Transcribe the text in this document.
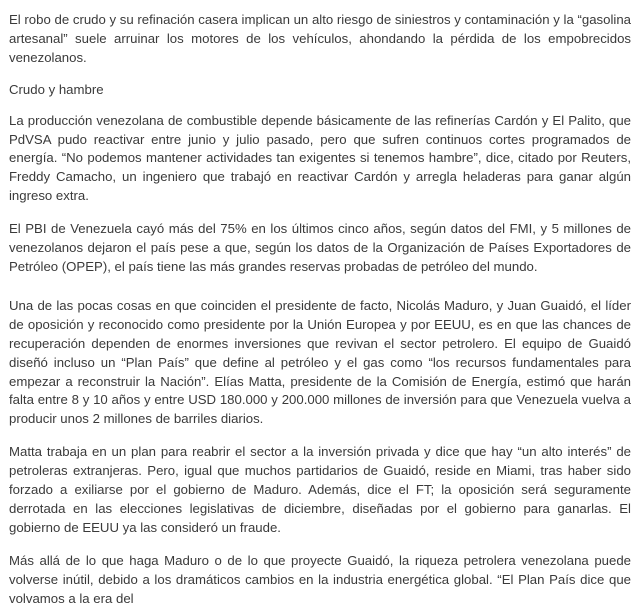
El robo de crudo y su refinación casera implican un alto riesgo de siniestros y contaminación y la “gasolina artesanal” suele arruinar los motores de los vehículos, ahondando la pérdida de los empobrecidos venezolanos.

Crudo y hambre

La producción venezolana de combustible depende básicamente de las refinerías Cardón y El Palito, que PdVSA pudo reactivar entre junio y julio pasado, pero que sufren continuos cortes programados de energía. “No podemos mantener actividades tan exigentes si tenemos hambre”, dice, citado por Reuters, Freddy Camacho, un ingeniero que trabajó en reactivar Cardón y arregla heladeras para ganar algún ingreso extra.

El PBI de Venezuela cayó más del 75% en los últimos cinco años, según datos del FMI, y 5 millones de venezolanos dejaron el país pese a que, según los datos de la Organización de Países Exportadores de Petróleo (OPEP), el país tiene las más grandes reservas probadas de petróleo del mundo.

Una de las pocas cosas en que coinciden el presidente de facto, Nicolás Maduro, y Juan Guaidó, el líder de oposición y reconocido como presidente por la Unión Europea y por EEUU, es en que las chances de recuperación dependen de enormes inversiones que revivan el sector petrolero. El equipo de Guaidó diseñó incluso un “Plan País” que define al petróleo y el gas como “los recursos fundamentales para empezar a reconstruir la Nación”. Elías Matta, presidente de la Comisión de Energía, estimó que harán falta entre 8 y 10 años y entre USD 180.000 y 200.000 millones de inversión para que Venezuela vuelva a producir unos 2 millones de barriles diarios.

Matta trabaja en un plan para reabrir el sector a la inversión privada y dice que hay “un alto interés” de petroleras extranjeras. Pero, igual que muchos partidarios de Guaidó, reside en Miami, tras haber sido forzado a exiliarse por el gobierno de Maduro. Además, dice el FT; la oposición será seguramente derrotada en las elecciones legislativas de diciembre, diseñadas por el gobierno para ganarlas. El gobierno de EEUU ya las consideró un fraude.

Más allá de lo que haga Maduro o de lo que proyecte Guaidó, la riqueza petrolera venezolana puede volverse inútil, debido a los dramáticos cambios en la industria energética global. “El Plan País dice que volvamos a la era del
